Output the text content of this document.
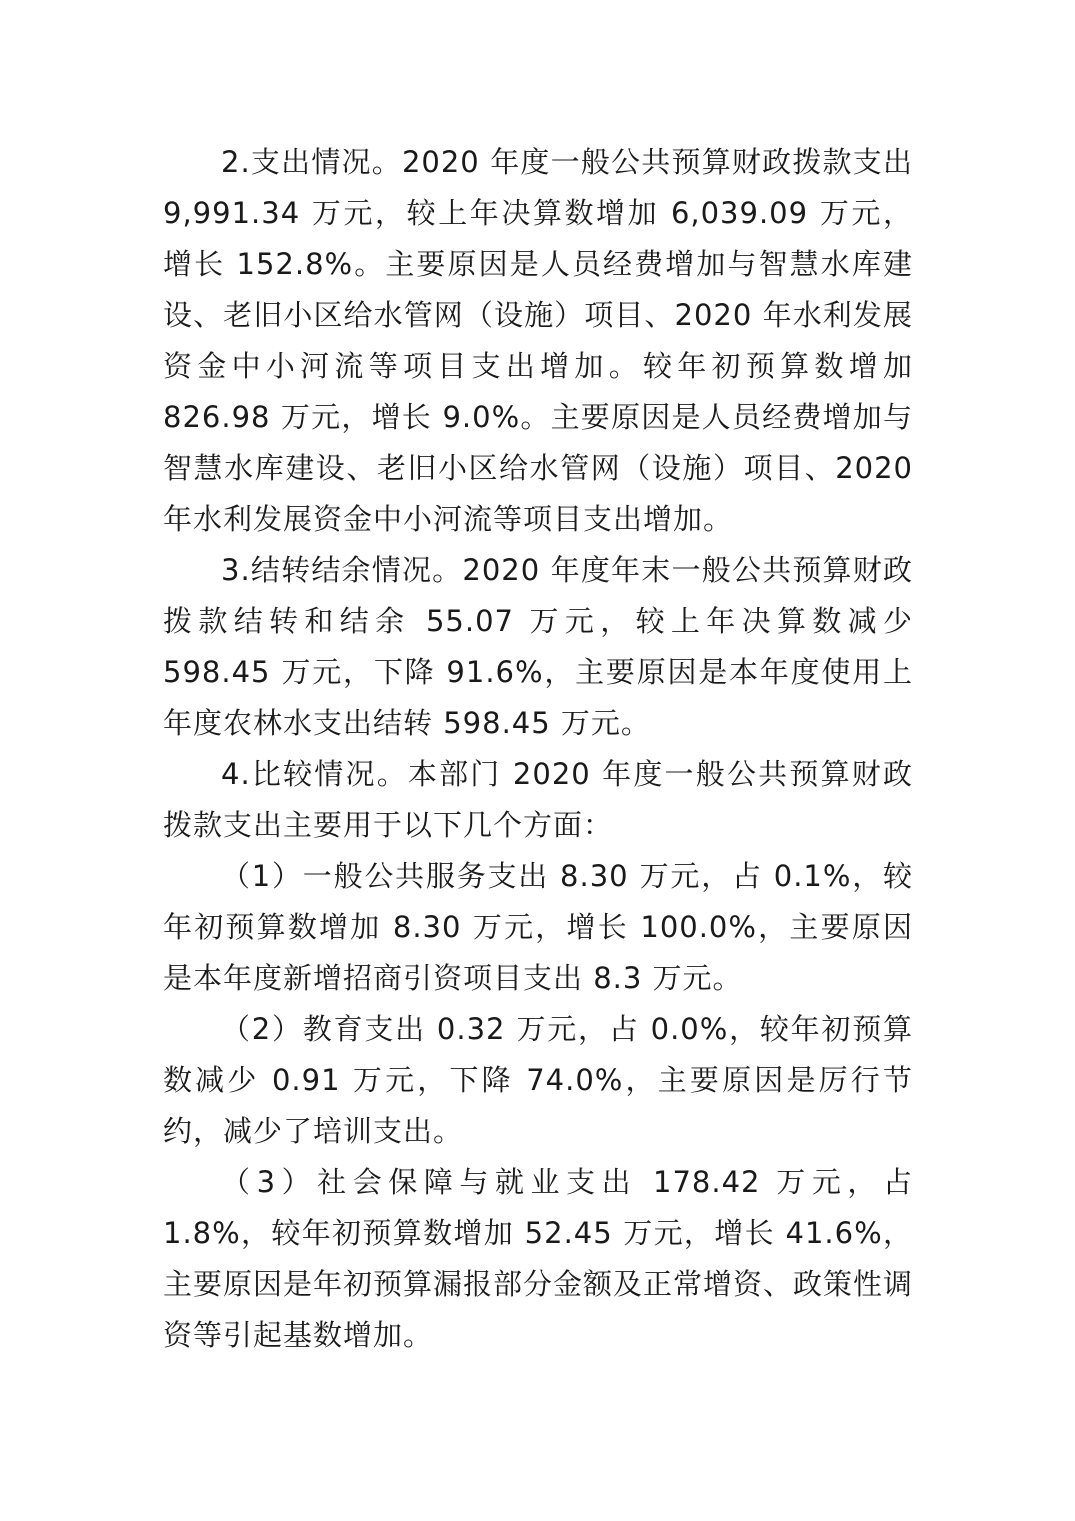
2.支出情况。2020 年度一般公共预算财政拨款支出 9,991.34 万元，较上年决算数增加 6,039.09 万元，增长 152.8%。主要原因是人员经费增加与智慧水库建设、老旧小区给水管网（设施）项目、2020 年水利发展资金中小河流等项目支出增加。较年初预算数增加 826.98 万元，增长 9.0%。主要原因是人员经费增加与智慧水库建设、老旧小区给水管网（设施）项目、2020 年水利发展资金中小河流等项目支出增加。

3.结转结余情况。2020 年度年末一般公共预算财政拨款结转和结余 55.07 万元，较上年决算数减少 598.45 万元，下降 91.6%，主要原因是本年度使用上年度农林水支出结转 598.45 万元。

4.比较情况。本部门 2020 年度一般公共预算财政拨款支出主要用于以下几个方面：

（1）一般公共服务支出 8.30 万元，占 0.1%，较年初预算数增加 8.30 万元，增长 100.0%，主要原因是本年度新增招商引资项目支出 8.3 万元。

（2）教育支出 0.32 万元，占 0.0%，较年初预算数减少 0.91 万元，下降 74.0%，主要原因是厉行节约，减少了培训支出。

（3）社会保障与就业支出 178.42 万元，占 1.8%，较年初预算数增加 52.45 万元，增长 41.6%，主要原因是年初预算漏报部分金额及正常增资、政策性调资等引起基数增加。
